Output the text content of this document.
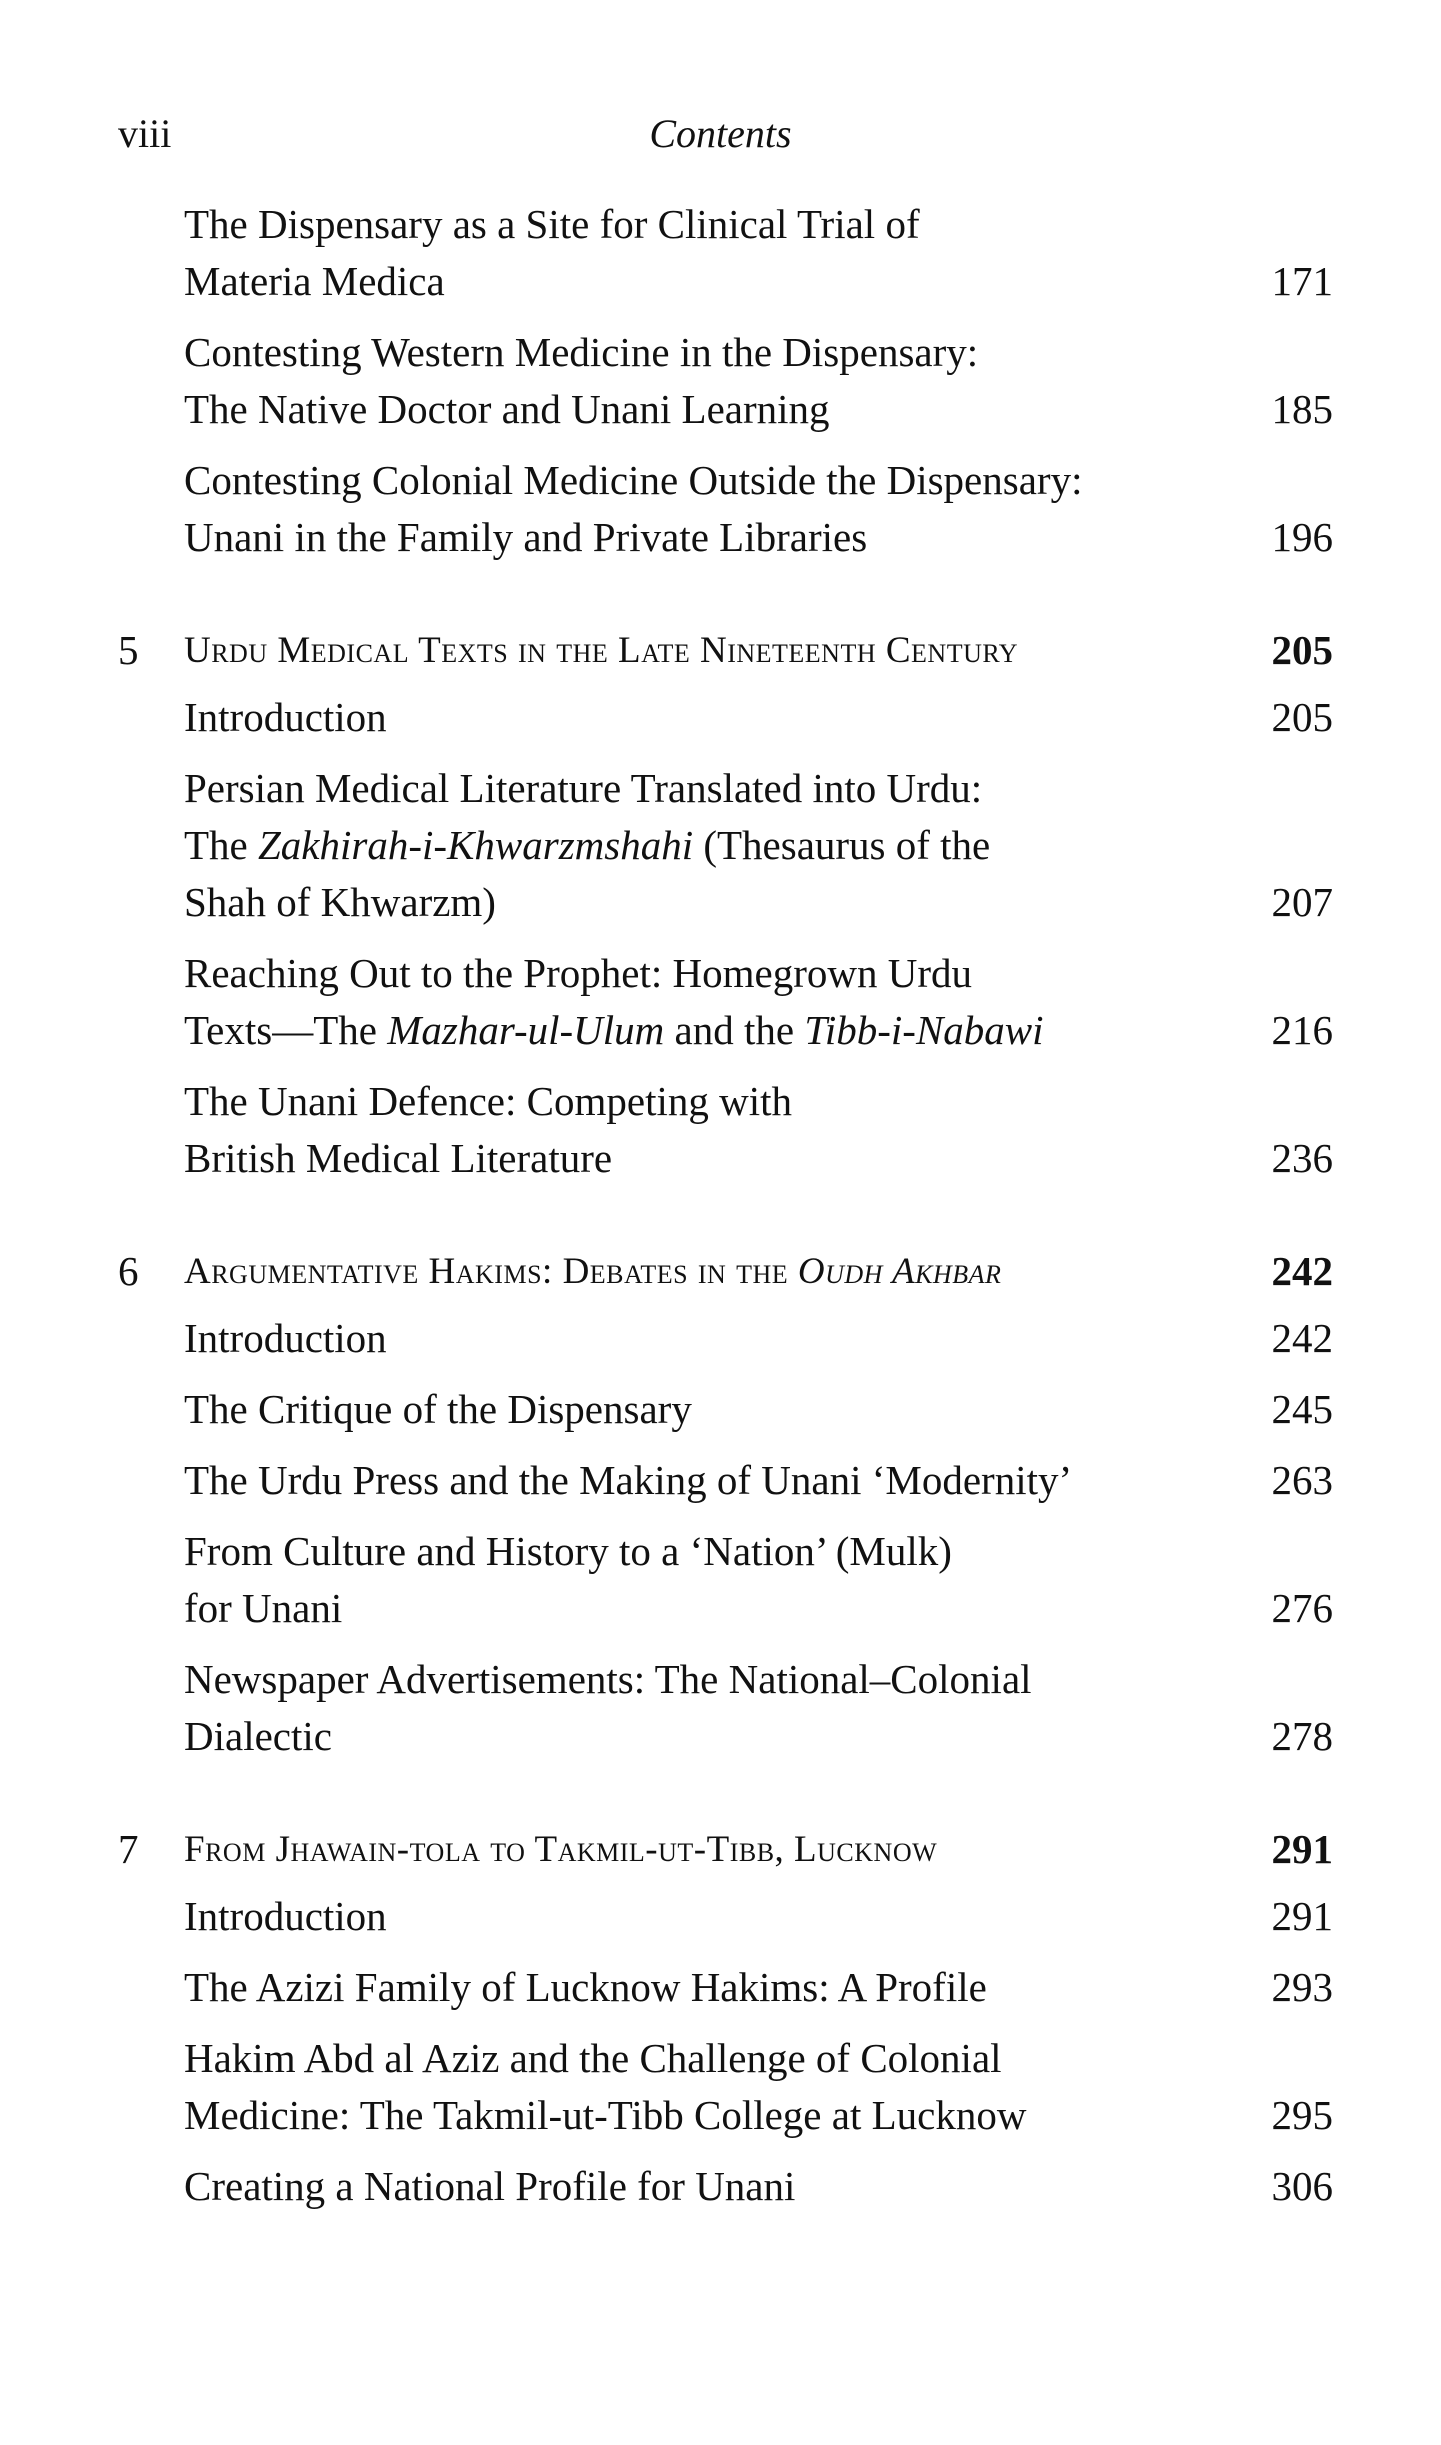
viii	Contents
The Dispensary as a Site for Clinical Trial of
Materia Medica	171
Contesting Western Medicine in the Dispensary:
The Native Doctor and Unani Learning	185
Contesting Colonial Medicine Outside the Dispensary:
Unani in the Family and Private Libraries	196
5 Urdu Medical Texts in the Late Nineteenth Century	205
Introduction	205
Persian Medical Literature Translated into Urdu:
The Zakhirah-i-Khwarzmshahi (Thesaurus of the
Shah of Khwarzm)	207
Reaching Out to the Prophet: Homegrown Urdu
Texts—The Mazhar-ul-Ulum and the Tibb-i-Nabawi	216
The Unani Defence: Competing with
British Medical Literature	236
6 Argumentative Hakims: Debates in the Oudh Akhbar	242
Introduction	242
The Critique of the Dispensary	245
The Urdu Press and the Making of Unani ‘Modernity’	263
From Culture and History to a ‘Nation’ (Mulk)
for Unani	276
Newspaper Advertisements: The National–Colonial
Dialectic	278
7 From Jhawain-tola to Takmil-ut-Tibb, Lucknow	291
Introduction	291
The Azizi Family of Lucknow Hakims: A Profile	293
Hakim Abd al Aziz and the Challenge of Colonial
Medicine: The Takmil-ut-Tibb College at Lucknow	295
Creating a National Profile for Unani	306
